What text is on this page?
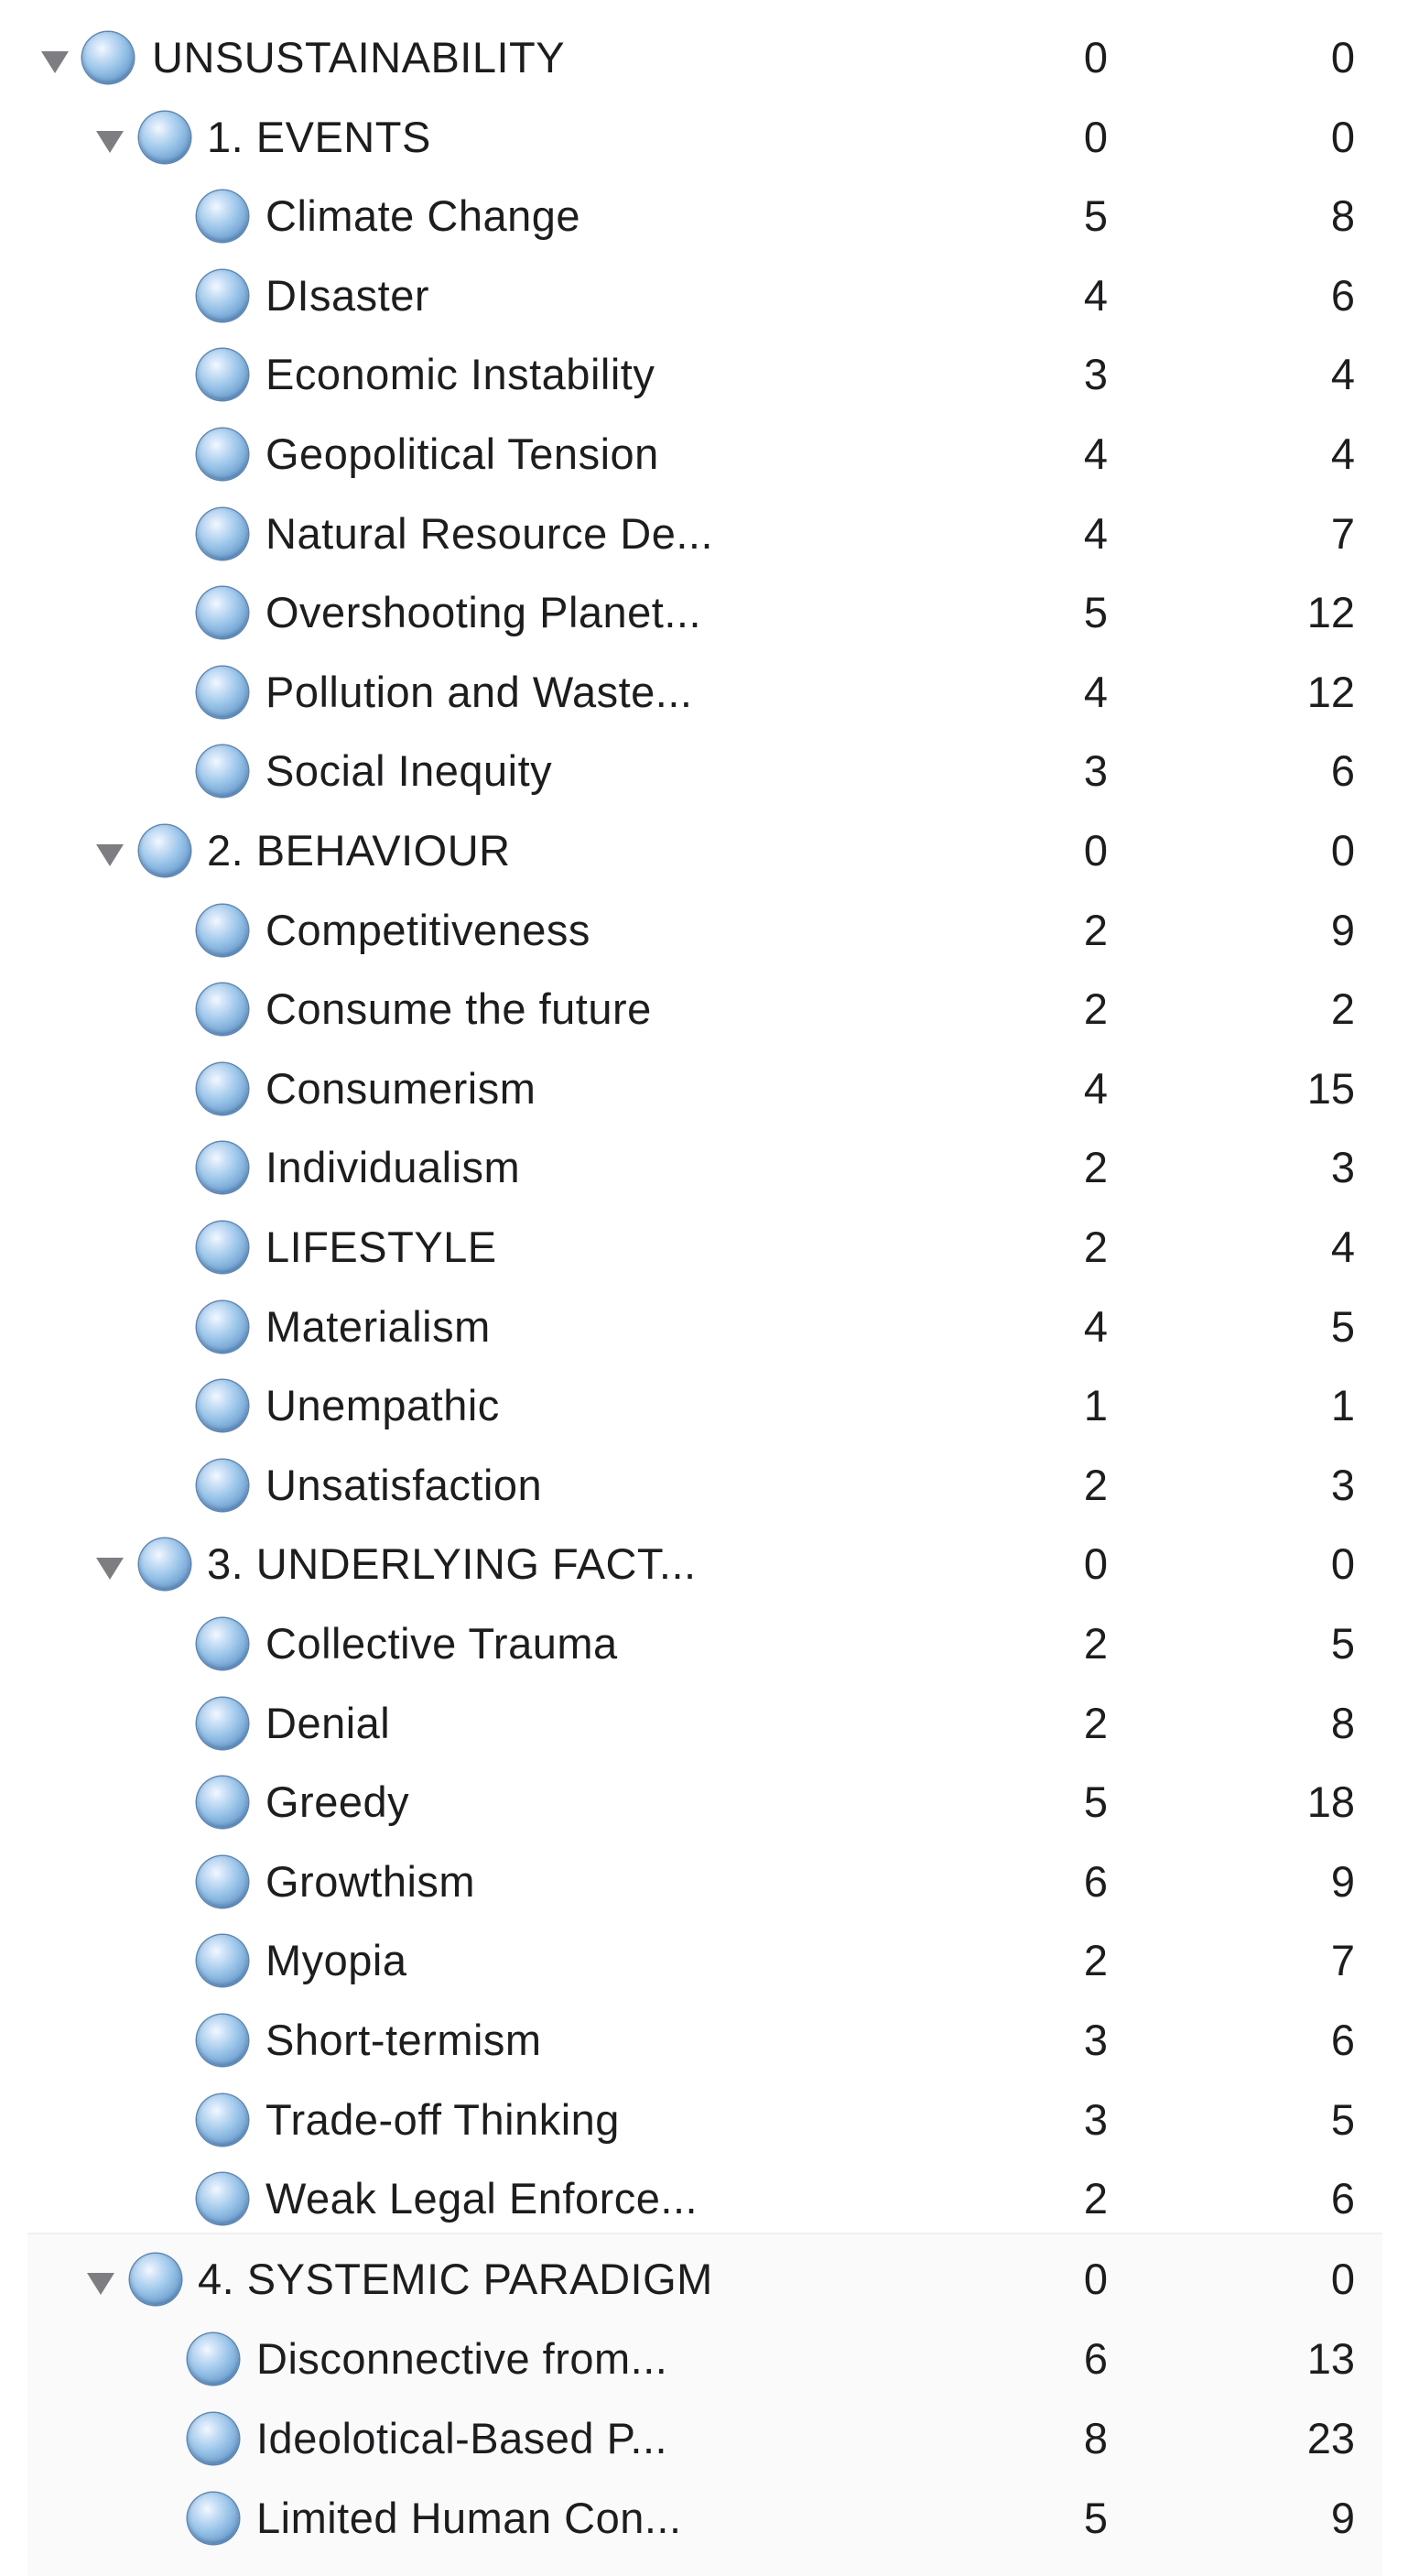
UNSUSTAINABILITY	0	0
1. EVENTS	0	0
Climate Change	5	8
DIsaster	4	6
Economic Instability	3	4
Geopolitical Tension	4	4
Natural Resource De...	4	7
Overshooting Planet...	5	12
Pollution and Waste...	4	12
Social Inequity	3	6
2. BEHAVIOUR	0	0
Competitiveness	2	9
Consume the future	2	2
Consumerism	4	15
Individualism	2	3
LIFESTYLE	2	4
Materialism	4	5
Unempathic	1	1
Unsatisfaction	2	3
3. UNDERLYING FACT...	0	0
Collective Trauma	2	5
Denial	2	8
Greedy	5	18
Growthism	6	9
Myopia	2	7
Short-termism	3	6
Trade-off Thinking	3	5
Weak Legal Enforce...	2	6
4. SYSTEMIC PARADIGM	0	0
Disconnective from...	6	13
Ideolotical-Based P...	8	23
Limited Human Con...	5	9
